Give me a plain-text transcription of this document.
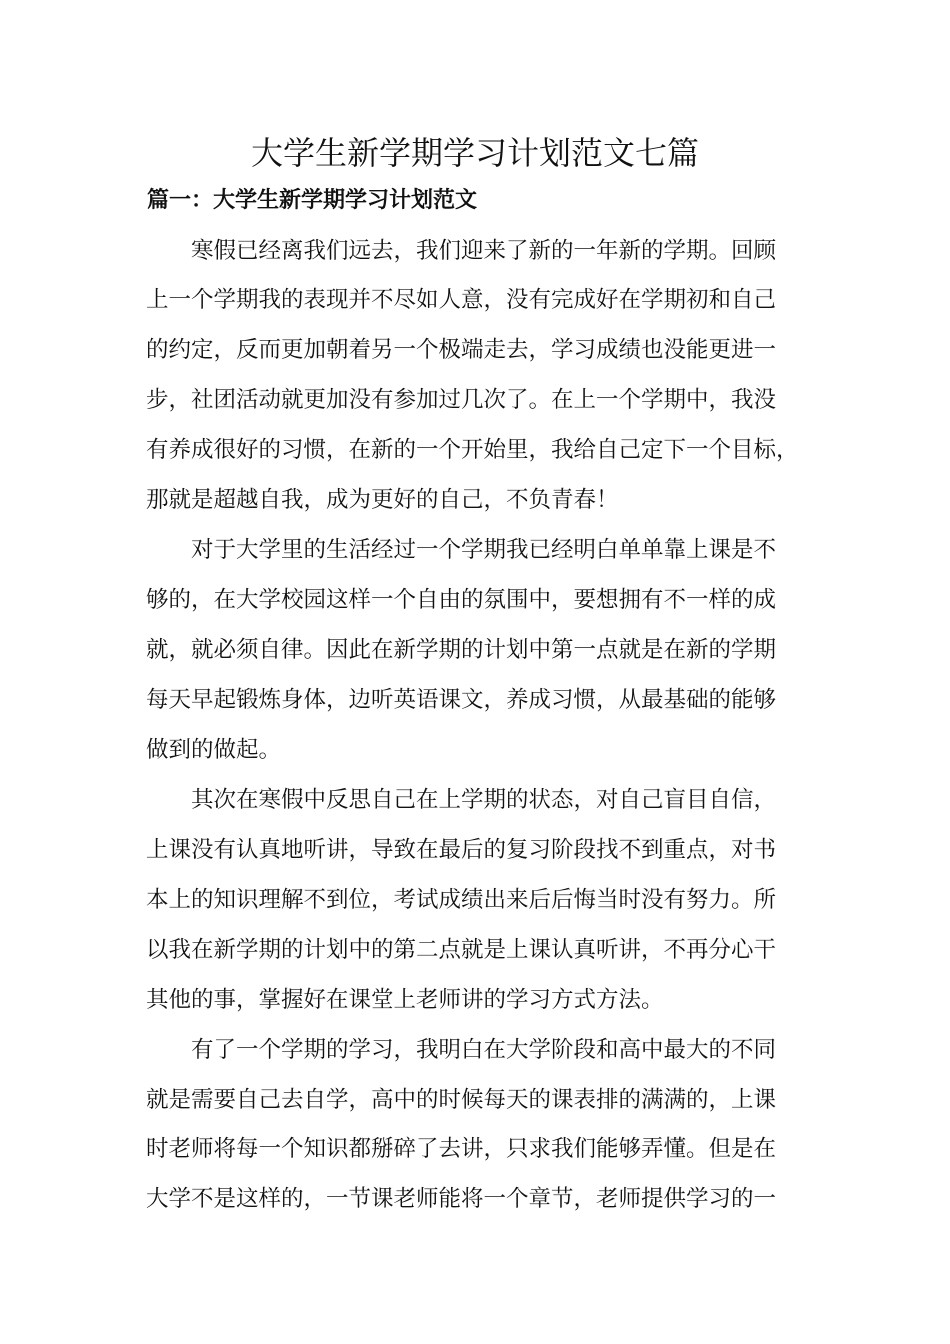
大学生新学期学习计划范文七篇
篇一：大学生新学期学习计划范文
寒假已经离我们远去，我们迎来了新的一年新的学期。回顾
上一个学期我的表现并不尽如人意，没有完成好在学期初和自己
的约定，反而更加朝着另一个极端走去，学习成绩也没能更进一
步，社团活动就更加没有参加过几次了。在上一个学期中，我没
有养成很好的习惯，在新的一个开始里，我给自己定下一个目标，
那就是超越自我，成为更好的自己，不负青春！
对于大学里的生活经过一个学期我已经明白单单靠上课是不
够的，在大学校园这样一个自由的氛围中，要想拥有不一样的成
就，就必须自律。因此在新学期的计划中第一点就是在新的学期
每天早起锻炼身体，边听英语课文，养成习惯，从最基础的能够
做到的做起。
其次在寒假中反思自己在上学期的状态，对自己盲目自信，
上课没有认真地听讲，导致在最后的复习阶段找不到重点，对书
本上的知识理解不到位，考试成绩出来后后悔当时没有努力。所
以我在新学期的计划中的第二点就是上课认真听讲，不再分心干
其他的事，掌握好在课堂上老师讲的学习方式方法。
有了一个学期的学习，我明白在大学阶段和高中最大的不同
就是需要自己去自学，高中的时候每天的课表排的满满的，上课
时老师将每一个知识都掰碎了去讲，只求我们能够弄懂。但是在
大学不是这样的，一节课老师能将一个章节，老师提供学习的一
